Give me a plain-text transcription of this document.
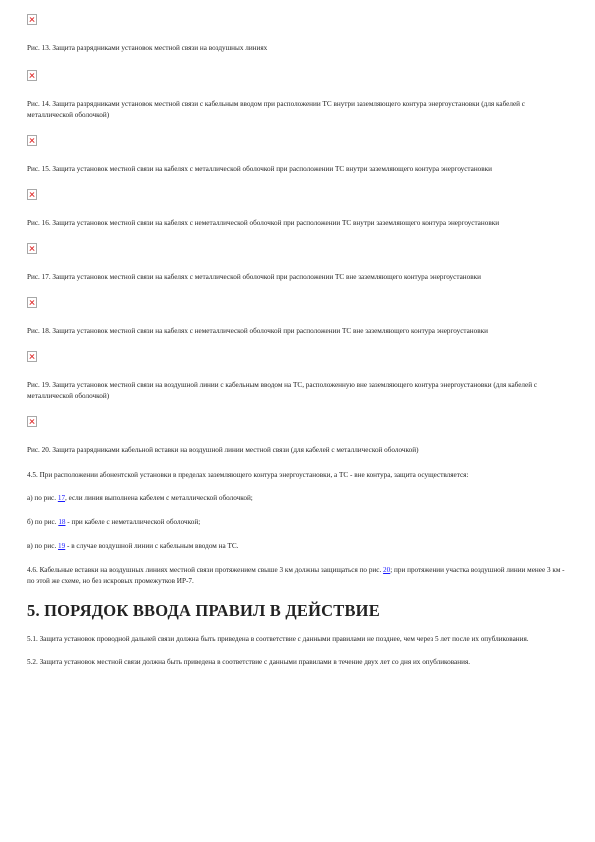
Рис. 13. Защита разрядниками установок местной связи на воздушных линиях

Рис. 14. Защита разрядниками установок местной связи с кабельным вводом при расположении ТС внутри заземляющего контура энергоустановки (для кабелей с металлической оболочкой)

Рис. 15. Защита установок местной связи на кабелях с металлической оболочкой при расположении ТС внутри заземляющего контура энергоустановки

Рис. 16. Защита установок местной связи на кабелях с неметаллической оболочкой при расположении ТС внутри заземляющего контура энергоустановки

Рис. 17. Защита установок местной связи на кабелях с металлической оболочкой при расположении ТС вне заземляющего контура энергоустановки

Рис. 18. Защита установок местной связи на кабелях с неметаллической оболочкой при расположении ТС вне заземляющего контура энергоустановки

Рис. 19. Защита установок местной связи на воздушной линии с кабельным вводом на ТС, расположенную вне заземляющего контура энергоустановки (для кабелей с металлической оболочкой)

Рис. 20. Защита разрядниками кабельной вставки на воздушной линии местной связи (для кабелей с металлической оболочкой)

4.5. При расположении абонентской установки в пределах заземляющего контура энергоустановки, а ТС - вне контура, защита осуществляется:

а) по рис. 17, если линия выполнена кабелем с металлической оболочкой;

б) по рис. 18 - при кабеле с неметаллической оболочкой;

в) по рис. 19 - в случае воздушной линии с кабельным вводом на ТС.

4.6. Кабельные вставки на воздушных линиях местной связи протяжением свыше 3 км должны защищаться по рис. 20; при протяжении участка воздушной линии менее 3 км - по этой же схеме, но без искровых промежутков ИР-7.

5. ПОРЯДОК ВВОДА ПРАВИЛ В ДЕЙСТВИЕ

5.1. Защита установок проводной дальней связи должна быть приведена в соответствие с данными правилами не позднее, чем через 5 лет после их опубликования.

5.2. Защита установок местной связи должна быть приведена в соответствие с данными правилами в течение двух лет со дня их опубликования.
